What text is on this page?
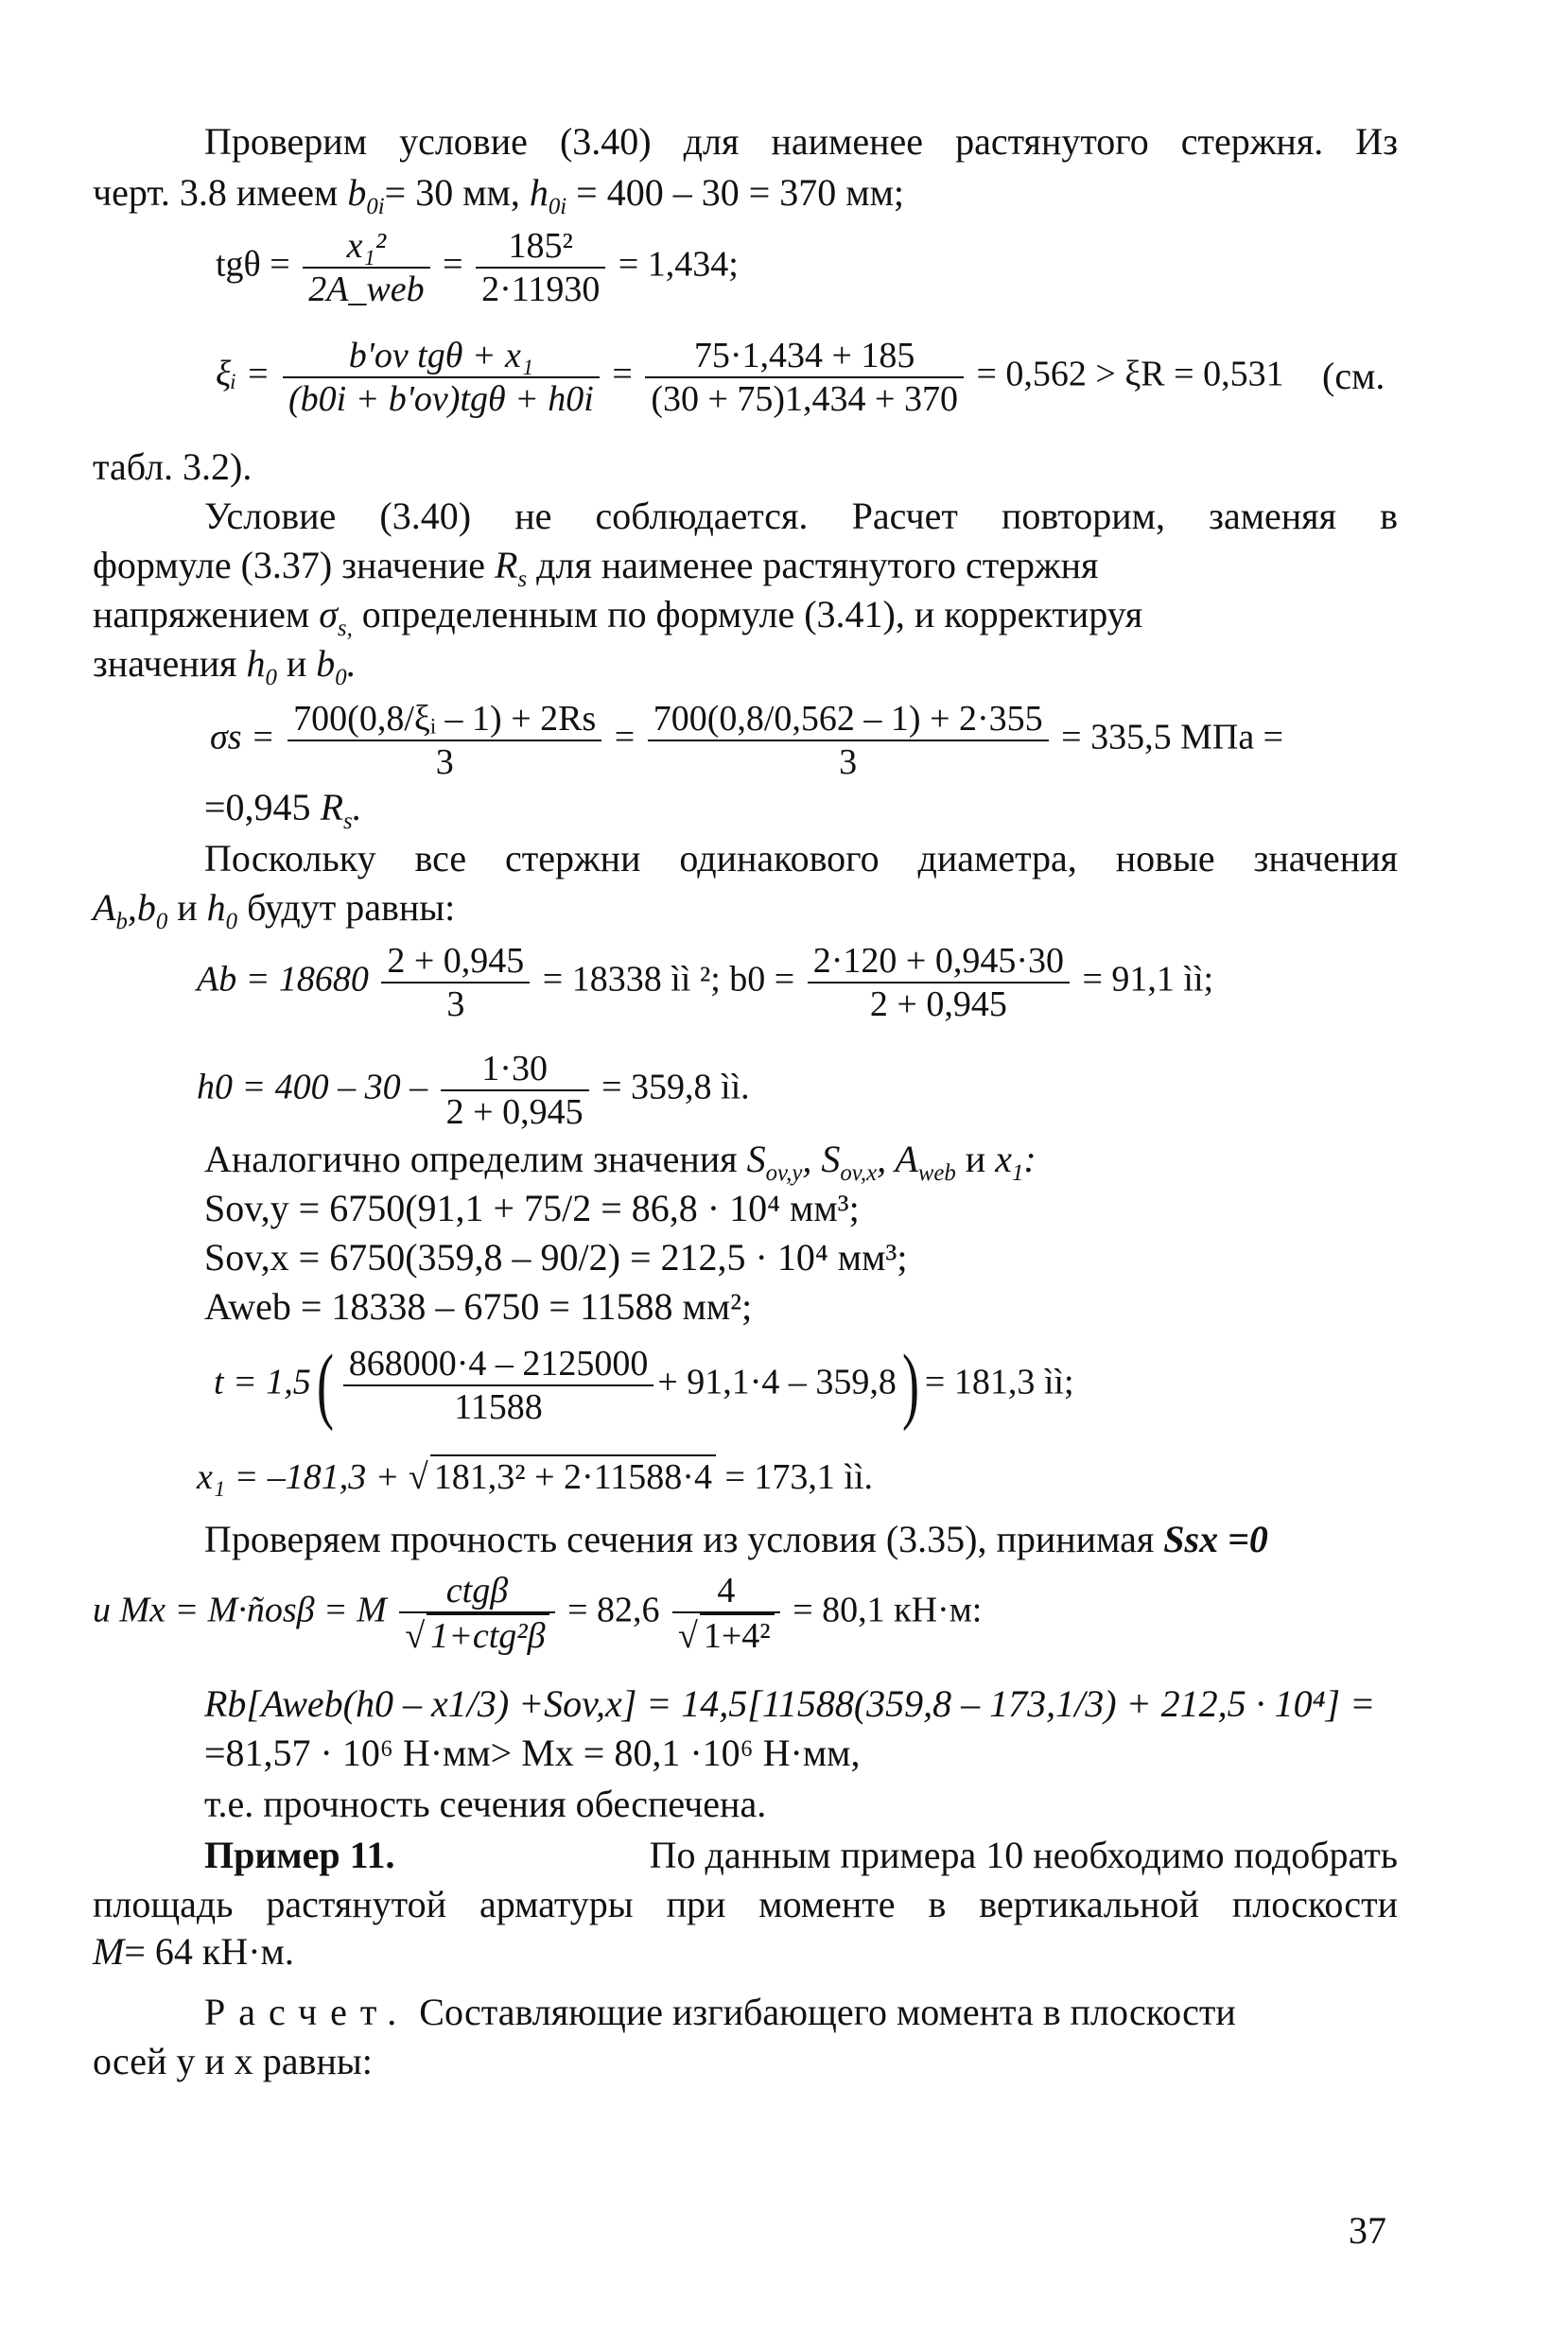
Проверим условие (3.40) для наименее растянутого стержня. Из
черт. 3.8 имеем $b_{0i}= 30$ мм, $h_{0i} = 400 - 30 = 370$ мм;
$tg\theta = \frac{\text{x₁²}}{\text{2A\_web}} = \frac{\text{185²}}{2\cdot 11930} = 1,434$;
ξᵢ = $\frac{\text{b'ov tgθ + x₁}}{\text{(b0i + b'ov)tgθ + h0i}} = \frac{75\cdot 1,434 + 185}{(30 + 75)1,434 + 370} = 0,562 > \xi R = 0,531$ (см.
табл. 3.2).
Условие (3.40) не соблюдается. Расчет повторим, заменяя в
формуле (3.37) значение $R_s$ для наименее растянутого стержня
напряжением $\sigma_{s,}$ определенным по формуле (3.41), и корректируя
значения $h_0$ и $b_0$.
$\sigma s = \frac{\text{700(0,8/ξᵢ – 1) + 2Rs}}{3} = \frac{700(0,8/0,562 - 1) + 2\cdot 355}{3} = 335,5$ МПа =
=0,945 $R_s$.
Поскольку все стержни одинакового диаметра, новые значения
$A_b,b_0$ и $h_0$ будут равны:
$Ab = 18680 \frac{2 + 0,945}{3} = 18338$ ìì ²; $b0 = \frac{2\cdot 120 + 0,945\cdot 30}{2 + 0,945} = 91,1$ ìì;
$h0 = 400 - 30 - \frac{1\cdot 30}{2 + 0,945} = 359,8$ ìì.
Аналогично определим значения $S_{ov,y}$, $S_{ov,x}$, $A_{web}$ и $x_1$:
Sov,y = 6750(91,1 + 75/2 = 86,8 · 10⁴ мм³;
Sov,x = 6750(359,8 – 90/2) = 212,5 · 10⁴ мм³;
Aweb = 18338 – 6750 = 11588 мм²;
$t = 1,5( \frac{868000\cdot 4 - 2125000}{11588} + 91,1\cdot 4 - 359,8) = 181,3$ ìì;
x₁ = –181,3 + √ 181,3² + 2·11588·4 = 173,1 ìì.
Проверяем прочность сечения из условия (3.35), принимая Ssx =0
и Mx = M·ñosβ = M $\frac{\text{ctgβ}}{\text{√ 1+ctg²β}} = 82,6 \frac{4}{\text{√ 1+4²}} = 80,1$ кН·м:
Rb[Aweb(h0 – x1/3) +Sov,x] = 14,5[11588(359,8 – 173,1/3) + 212,5 · 10⁴] =
=81,57 · 10⁶ Н·мм> Mx = 80,1 ·10⁶ Н·мм,
т.е. прочность сечения обеспечена.
Пример 11.	По данным примера 10 необходимо подобрать
площадь растянутой арматуры при моменте в вертикальной плоскости
M= 64 кН·м.
Расчет. Составляющие изгибающего момента в плоскости
осей у и х равны:
37
